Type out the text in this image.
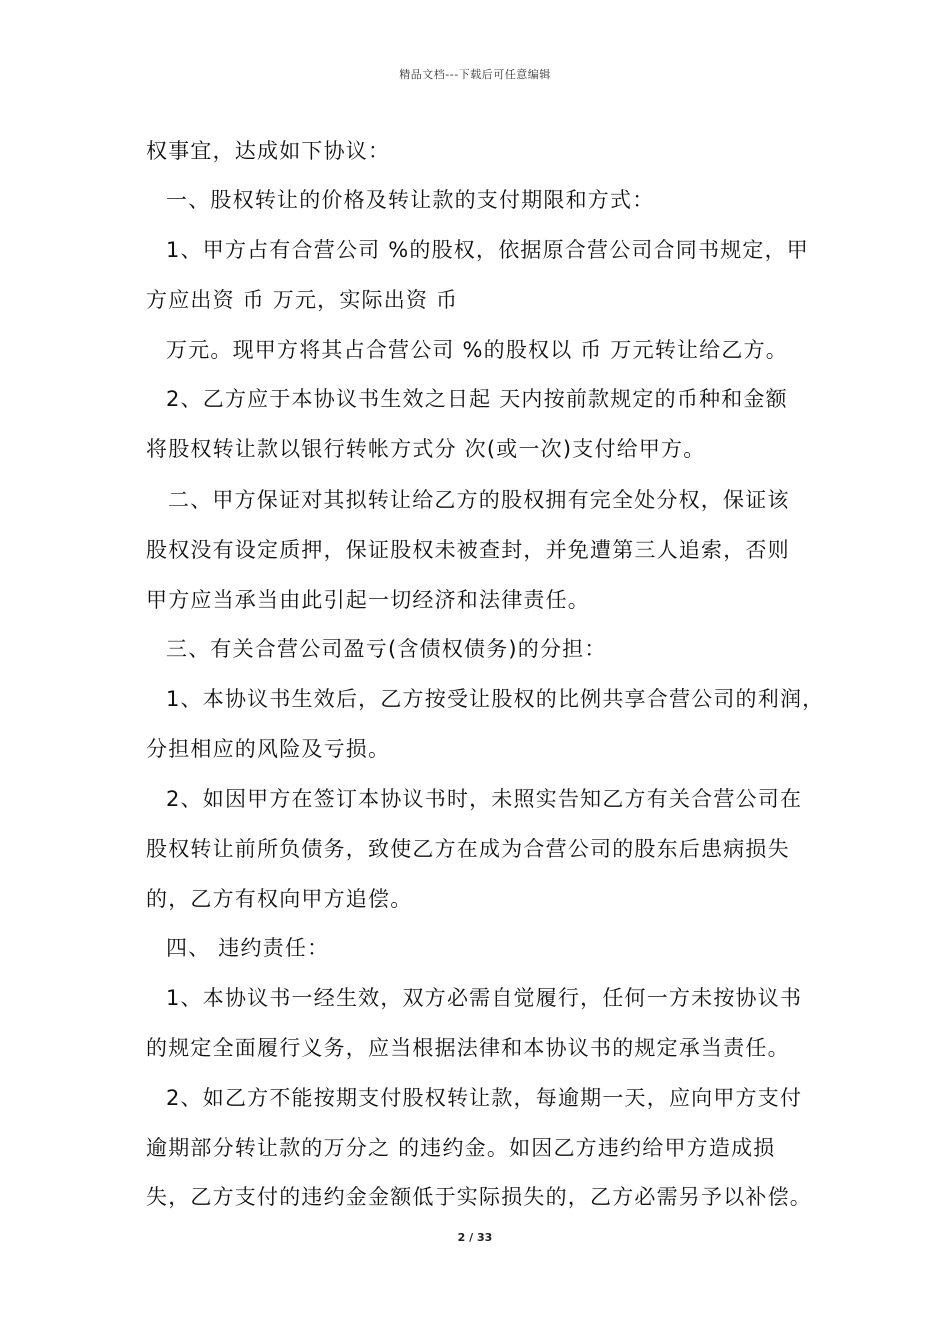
精品文档---下载后可任意编辑
权事宜，达成如下协议：
一、股权转让的价格及转让款的支付期限和方式：
1、甲方占有合营公司 %的股权，依据原合营公司合同书规定，甲
方应出资 币 万元，实际出资 币
万元。现甲方将其占合营公司 %的股权以 币 万元转让给乙方。
2、乙方应于本协议书生效之日起 天内按前款规定的币种和金额
将股权转让款以银行转帐方式分 次(或一次)支付给甲方。
二、甲方保证对其拟转让给乙方的股权拥有完全处分权，保证该
股权没有设定质押，保证股权未被查封，并免遭第三人追索，否则
甲方应当承当由此引起一切经济和法律责任。
三、有关合营公司盈亏(含债权债务)的分担：
1、本协议书生效后，乙方按受让股权的比例共享合营公司的利润，
分担相应的风险及亏损。
2、如因甲方在签订本协议书时，未照实告知乙方有关合营公司在
股权转让前所负债务，致使乙方在成为合营公司的股东后患病损失
的，乙方有权向甲方追偿。
四、 违约责任：
1、本协议书一经生效，双方必需自觉履行，任何一方未按协议书
的规定全面履行义务，应当根据法律和本协议书的规定承当责任。
2、如乙方不能按期支付股权转让款，每逾期一天，应向甲方支付
逾期部分转让款的万分之 的违约金。如因乙方违约给甲方造成损
失，乙方支付的违约金金额低于实际损失的，乙方必需另予以补偿。
2 / 33
